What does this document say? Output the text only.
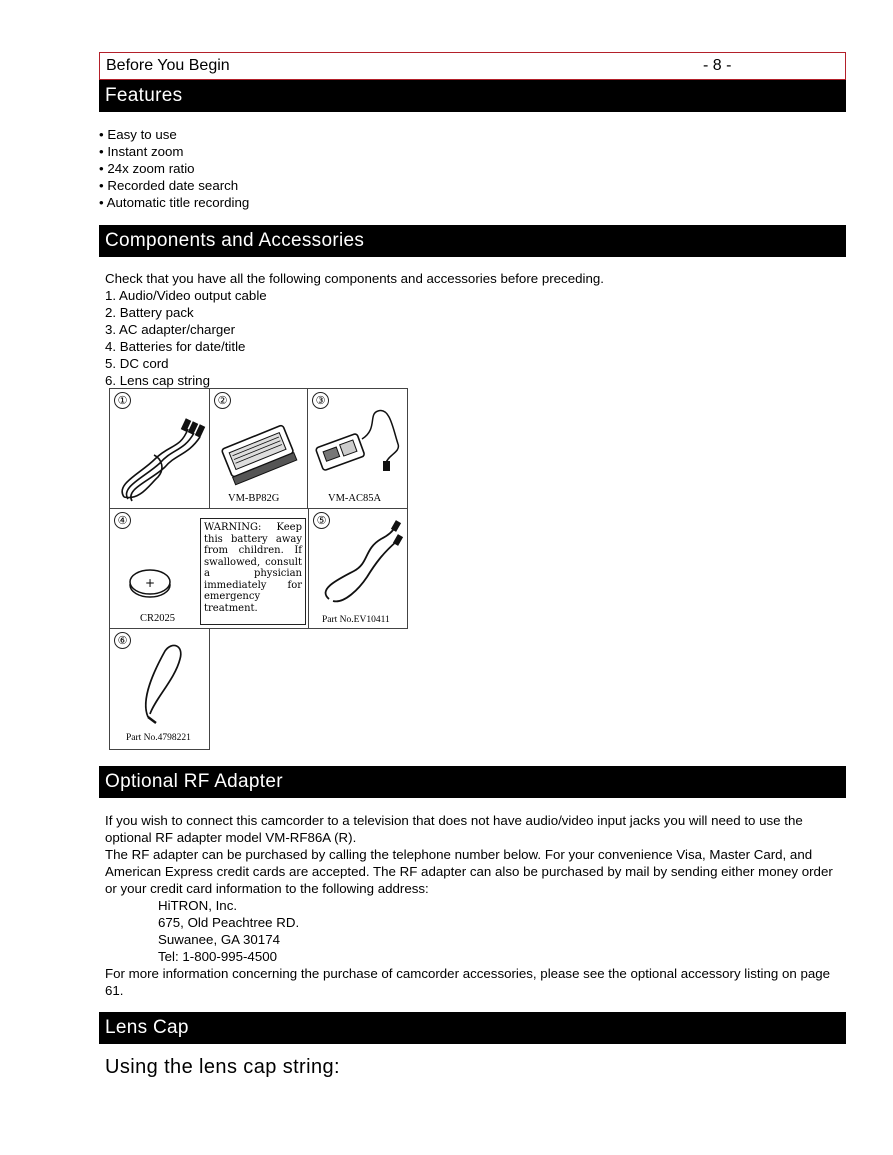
Before You Begin	- 8 -
Features
• Easy to use
• Instant zoom
• 24x zoom ratio
• Recorded date search
• Automatic title recording
Components and Accessories

Check that you have all the following components and accessories before preceding.

1. Audio/Video output cable

2. Battery pack

3. AC adapter/charger

4. Batteries for date/title

5. DC cord

6. Lens cap string

①	②
VM-BP82G
③
VM-AC85A
④
+
CR2025
WARNING: Keep this battery away from children. If swallowed, consult a physician immediately for emergency treatment.
⑤
Part No.EV10411
⑥
Part No.4798221
Optional RF Adapter

If you wish to connect this camcorder to a television that does not have audio/video input jacks you will need to use the optional RF adapter model VM-RF86A (R).

The RF adapter can be purchased by calling the telephone number below. For your convenience Visa, Master Card, and American Express credit cards are accepted. The RF adapter can also be purchased by mail by sending either money order or your credit card information to the following address:

HiTRON, Inc.

675, Old Peachtree RD.

Suwanee, GA 30174

Tel: 1-800-995-4500

For more information concerning the purchase of camcorder accessories, please see the optional accessory listing on page 61.

Lens Cap
Using the lens cap string:
